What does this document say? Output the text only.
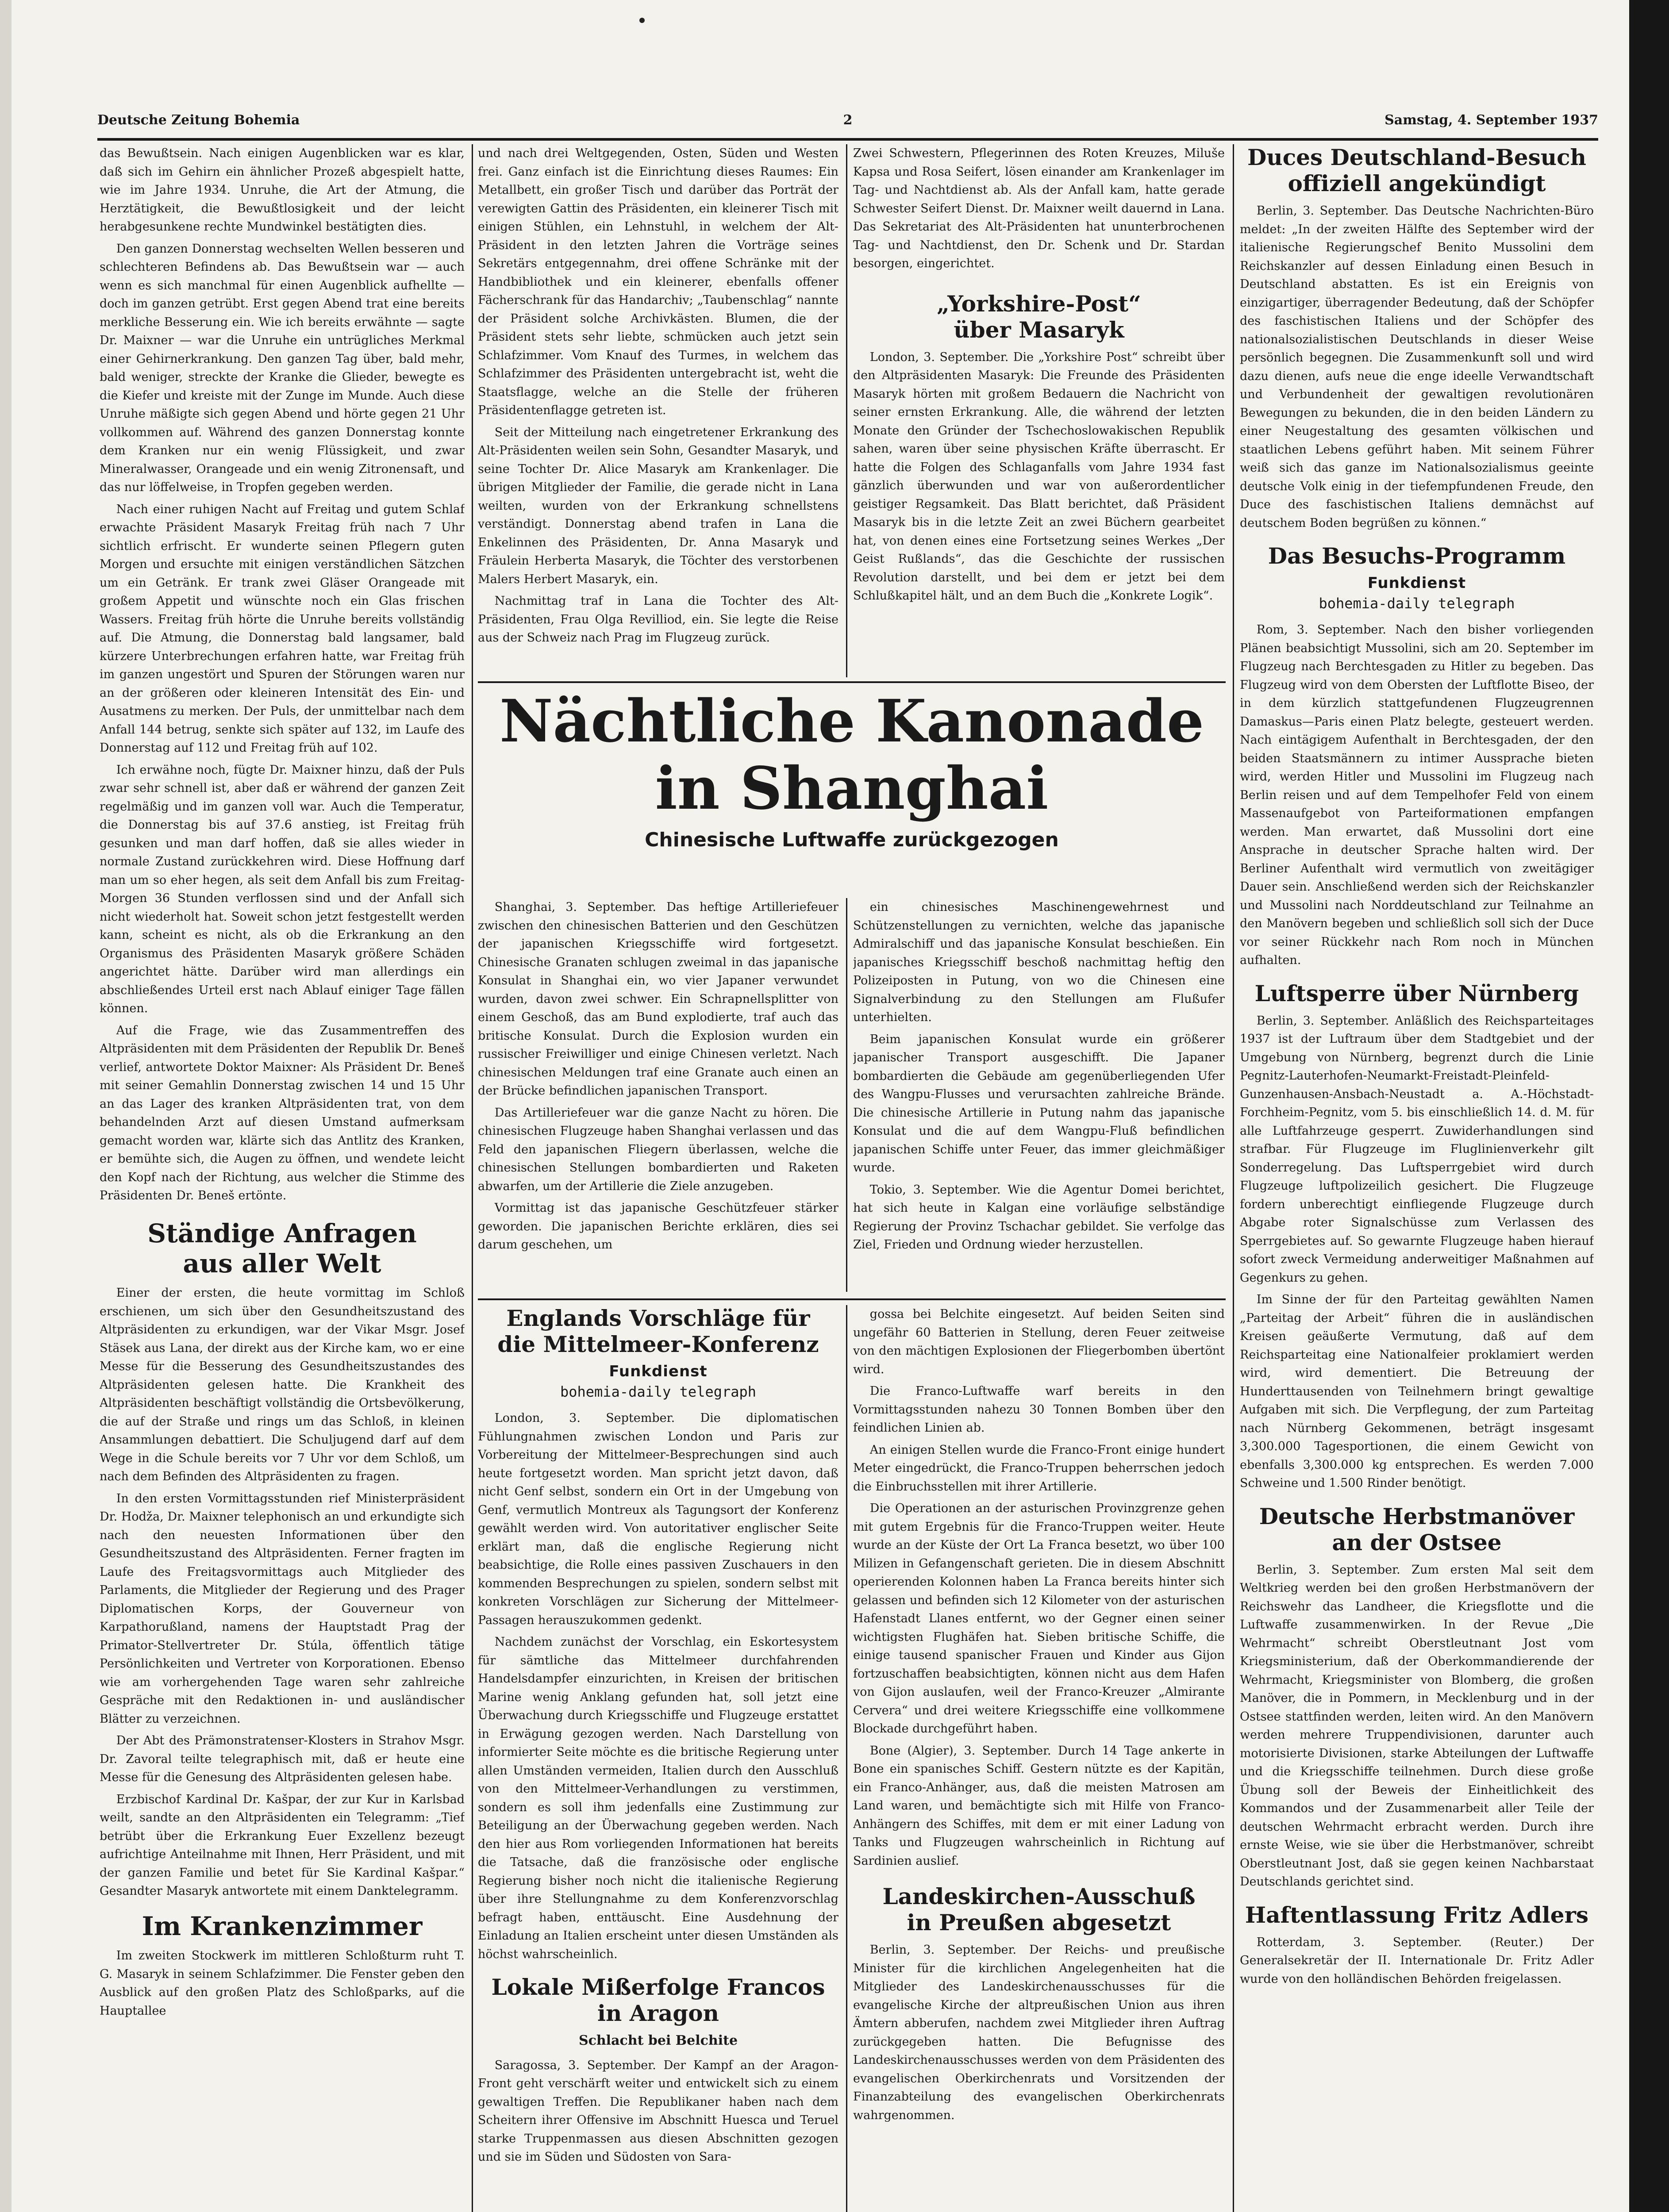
Deutsche Zeitung Bohemia	2	Samstag, 4. September 1937

das Bewußtsein. Nach einigen Augenblicken war es klar, daß sich im Gehirn ein ähnlicher Prozeß abgespielt hatte, wie im Jahre 1934. Unruhe, die Art der Atmung, die Herztätigkeit, die Bewußtlosigkeit und der leicht herabgesunkene rechte Mundwinkel bestätigten dies.

Den ganzen Donnerstag wechselten Wellen besseren und schlechteren Befindens ab. Das Bewußtsein war — auch wenn es sich manchmal für einen Augenblick aufhellte — doch im ganzen getrübt. Erst gegen Abend trat eine bereits merkliche Besserung ein. Wie ich bereits erwähnte — sagte Dr. Maixner — war die Unruhe ein untrügliches Merkmal einer Gehirnerkrankung. Den ganzen Tag über, bald mehr, bald weniger, streckte der Kranke die Glieder, bewegte es die Kiefer und kreiste mit der Zunge im Munde. Auch diese Unruhe mäßigte sich gegen Abend und hörte gegen 21 Uhr vollkommen auf. Während des ganzen Donnerstag konnte dem Kranken nur ein wenig Flüssigkeit, und zwar Mineralwasser, Orangeade und ein wenig Zitronensaft, und das nur löffelweise, in Tropfen gegeben werden.

Nach einer ruhigen Nacht auf Freitag und gutem Schlaf erwachte Präsident Masaryk Freitag früh nach 7 Uhr sichtlich erfrischt. Er wunderte seinen Pflegern guten Morgen und ersuchte mit einigen verständlichen Sätzchen um ein Getränk. Er trank zwei Gläser Orangeade mit großem Appetit und wünschte noch ein Glas frischen Wassers. Freitag früh hörte die Unruhe bereits vollständig auf. Die Atmung, die Donnerstag bald langsamer, bald kürzere Unterbrechungen erfahren hatte, war Freitag früh im ganzen ungestört und Spuren der Störungen waren nur an der größeren oder kleineren Intensität des Ein- und Ausatmens zu merken. Der Puls, der unmittelbar nach dem Anfall 144 betrug, senkte sich später auf 132, im Laufe des Donnerstag auf 112 und Freitag früh auf 102.

Ich erwähne noch, fügte Dr. Maixner hinzu, daß der Puls zwar sehr schnell ist, aber daß er während der ganzen Zeit regelmäßig und im ganzen voll war. Auch die Temperatur, die Donnerstag bis auf 37.6 anstieg, ist Freitag früh gesunken und man darf hoffen, daß sie alles wieder in normale Zustand zurückkehren wird. Diese Hoffnung darf man um so eher hegen, als seit dem Anfall bis zum Freitag-Morgen 36 Stunden verflossen sind und der Anfall sich nicht wiederholt hat. Soweit schon jetzt festgestellt werden kann, scheint es nicht, als ob die Erkrankung an den Organismus des Präsidenten Masaryk größere Schäden angerichtet hätte. Darüber wird man allerdings ein abschließendes Urteil erst nach Ablauf einiger Tage fällen können.

Auf die Frage, wie das Zusammentreffen des Altpräsidenten mit dem Präsidenten der Republik Dr. Beneš verlief, antwortete Doktor Maixner: Als Präsident Dr. Beneš mit seiner Gemahlin Donnerstag zwischen 14 und 15 Uhr an das Lager des kranken Altpräsidenten trat, von dem behandelnden Arzt auf diesen Umstand aufmerksam gemacht worden war, klärte sich das Antlitz des Kranken, er bemühte sich, die Augen zu öffnen, und wendete leicht den Kopf nach der Richtung, aus welcher die Stimme des Präsidenten Dr. Beneš ertönte.

Ständige Anfragen
aus aller Welt

Einer der ersten, die heute vormittag im Schloß erschienen, um sich über den Gesundheitszustand des Altpräsidenten zu erkundigen, war der Vikar Msgr. Josef Stäsek aus Lana, der direkt aus der Kirche kam, wo er eine Messe für die Besserung des Gesundheitszustandes des Altpräsidenten gelesen hatte. Die Krankheit des Altpräsidenten beschäftigt vollständig die Ortsbevölkerung, die auf der Straße und rings um das Schloß, in kleinen Ansammlungen debattiert. Die Schuljugend darf auf dem Wege in die Schule bereits vor 7 Uhr vor dem Schloß, um nach dem Befinden des Altpräsidenten zu fragen.

In den ersten Vormittagsstunden rief Ministerpräsident Dr. Hodža, Dr. Maixner telephonisch an und erkundigte sich nach den neuesten Informationen über den Gesundheitszustand des Altpräsidenten. Ferner fragten im Laufe des Freitagsvormittags auch Mitglieder des Parlaments, die Mitglieder der Regierung und des Prager Diplomatischen Korps, der Gouverneur von Karpathorußland, namens der Hauptstadt Prag der Primator-Stellvertreter Dr. Stúla, öffentlich tätige Persönlichkeiten und Vertreter von Korporationen. Ebenso wie am vorhergehenden Tage waren sehr zahlreiche Gespräche mit den Redaktionen in- und ausländischer Blätter zu verzeichnen.

Der Abt des Prämonstratenser-Klosters in Strahov Msgr. Dr. Zavoral teilte telegraphisch mit, daß er heute eine Messe für die Genesung des Altpräsidenten gelesen habe.

Erzbischof Kardinal Dr. Kašpar, der zur Kur in Karlsbad weilt, sandte an den Altpräsidenten ein Telegramm: „Tief betrübt über die Erkrankung Euer Exzellenz bezeugt aufrichtige Anteilnahme mit Ihnen, Herr Präsident, und mit der ganzen Familie und betet für Sie Kardinal Kašpar.“ Gesandter Masaryk antwortete mit einem Danktelegramm.

Im Krankenzimmer

Im zweiten Stockwerk im mittleren Schloßturm ruht T. G. Masaryk in seinem Schlafzimmer. Die Fenster geben den Ausblick auf den großen Platz des Schloßparks, auf die Hauptallee

und nach drei Weltgegenden, Osten, Süden und Westen frei. Ganz einfach ist die Einrichtung dieses Raumes: Ein Metallbett, ein großer Tisch und darüber das Porträt der verewigten Gattin des Präsidenten, ein kleinerer Tisch mit einigen Stühlen, ein Lehnstuhl, in welchem der Alt-Präsident in den letzten Jahren die Vorträge seines Sekretärs entgegennahm, drei offene Schränke mit der Handbibliothek und ein kleinerer, ebenfalls offener Fächerschrank für das Handarchiv; „Taubenschlag“ nannte der Präsident solche Archivkästen. Blumen, die der Präsident stets sehr liebte, schmücken auch jetzt sein Schlafzimmer. Vom Knauf des Turmes, in welchem das Schlafzimmer des Präsidenten untergebracht ist, weht die Staatsflagge, welche an die Stelle der früheren Präsidentenflagge getreten ist.

Seit der Mitteilung nach eingetretener Erkrankung des Alt-Präsidenten weilen sein Sohn, Gesandter Masaryk, und seine Tochter Dr. Alice Masaryk am Krankenlager. Die übrigen Mitglieder der Familie, die gerade nicht in Lana weilten, wurden von der Erkrankung schnellstens verständigt. Donnerstag abend trafen in Lana die Enkelinnen des Präsidenten, Dr. Anna Masaryk und Fräulein Herberta Masaryk, die Töchter des verstorbenen Malers Herbert Masaryk, ein.

Nachmittag traf in Lana die Tochter des Alt-Präsidenten, Frau Olga Revilliod, ein. Sie legte die Reise aus der Schweiz nach Prag im Flugzeug zurück.

Zwei Schwestern, Pflegerinnen des Roten Kreuzes, Miluše Kapsa und Rosa Seifert, lösen einander am Krankenlager im Tag- und Nachtdienst ab. Als der Anfall kam, hatte gerade Schwester Seifert Dienst. Dr. Maixner weilt dauernd in Lana. Das Sekretariat des Alt-Präsidenten hat ununterbrochenen Tag- und Nachtdienst, den Dr. Schenk und Dr. Stardan besorgen, eingerichtet.

„Yorkshire-Post“
über Masaryk

London, 3. September. Die „Yorkshire Post“ schreibt über den Altpräsidenten Masaryk: Die Freunde des Präsidenten Masaryk hörten mit großem Bedauern die Nachricht von seiner ernsten Erkrankung. Alle, die während der letzten Monate den Gründer der Tschechoslowakischen Republik sahen, waren über seine physischen Kräfte überrascht. Er hatte die Folgen des Schlaganfalls vom Jahre 1934 fast gänzlich überwunden und war von außerordentlicher geistiger Regsamkeit. Das Blatt berichtet, daß Präsident Masaryk bis in die letzte Zeit an zwei Büchern gearbeitet hat, von denen eines eine Fortsetzung seines Werkes „Der Geist Rußlands“, das die Geschichte der russischen Revolution darstellt, und bei dem er jetzt bei dem Schlußkapitel hält, und an dem Buch die „Konkrete Logik“.

Nächtliche Kanonade

in Shanghai

Chinesische Luftwaffe zurückgezogen

Shanghai, 3. September. Das heftige Artilleriefeuer zwischen den chinesischen Batterien und den Geschützen der japanischen Kriegsschiffe wird fortgesetzt. Chinesische Granaten schlugen zweimal in das japanische Konsulat in Shanghai ein, wo vier Japaner verwundet wurden, davon zwei schwer. Ein Schrapnellsplitter von einem Geschoß, das am Bund explodierte, traf auch das britische Konsulat. Durch die Explosion wurden ein russischer Freiwilliger und einige Chinesen verletzt. Nach chinesischen Meldungen traf eine Granate auch einen an der Brücke befindlichen japanischen Transport.

Das Artilleriefeuer war die ganze Nacht zu hören. Die chinesischen Flugzeuge haben Shanghai verlassen und das Feld den japanischen Fliegern überlassen, welche die chinesischen Stellungen bombardierten und Raketen abwarfen, um der Artillerie die Ziele anzugeben.

Vormittag ist das japanische Geschützfeuer stärker geworden. Die japanischen Berichte erklären, dies sei darum geschehen, um

ein chinesisches Maschinengewehrnest und Schützenstellungen zu vernichten, welche das japanische Admiralschiff und das japanische Konsulat beschießen. Ein japanisches Kriegsschiff beschoß nachmittag heftig den Polizeiposten in Putung, von wo die Chinesen eine Signalverbindung zu den Stellungen am Flußufer unterhielten.

Beim japanischen Konsulat wurde ein größerer japanischer Transport ausgeschifft. Die Japaner bombardierten die Gebäude am gegenüberliegenden Ufer des Wangpu-Flusses und verursachten zahlreiche Brände. Die chinesische Artillerie in Putung nahm das japanische Konsulat und die auf dem Wangpu-Fluß befindlichen japanischen Schiffe unter Feuer, das immer gleichmäßiger wurde.

Tokio, 3. September. Wie die Agentur Domei berichtet, hat sich heute in Kalgan eine vorläufige selbständige Regierung der Provinz Tschachar gebildet. Sie verfolge das Ziel, Frieden und Ordnung wieder herzustellen.

Englands Vorschläge für
die Mittelmeer-Konferenz
Funkdienst
bohemia-daily telegraph

London, 3. September. Die diplomatischen Fühlungnahmen zwischen London und Paris zur Vorbereitung der Mittelmeer-Besprechungen sind auch heute fortgesetzt worden. Man spricht jetzt davon, daß nicht Genf selbst, sondern ein Ort in der Umgebung von Genf, vermutlich Montreux als Tagungsort der Konferenz gewählt werden wird. Von autoritativer englischer Seite erklärt man, daß die englische Regierung nicht beabsichtige, die Rolle eines passiven Zuschauers in den kommenden Besprechungen zu spielen, sondern selbst mit konkreten Vorschlägen zur Sicherung der Mittelmeer-Passagen herauszukommen gedenkt.

Nachdem zunächst der Vorschlag, ein Eskortesystem für sämtliche das Mittelmeer durchfahrenden Handelsdampfer einzurichten, in Kreisen der britischen Marine wenig Anklang gefunden hat, soll jetzt eine Überwachung durch Kriegsschiffe und Flugzeuge erstattet in Erwägung gezogen werden. Nach Darstellung von informierter Seite möchte es die britische Regierung unter allen Umständen vermeiden, Italien durch den Ausschluß von den Mittelmeer-Verhandlungen zu verstimmen, sondern es soll ihm jedenfalls eine Zustimmung zur Beteiligung an der Überwachung gegeben werden. Nach den hier aus Rom vorliegenden Informationen hat bereits die Tatsache, daß die französische oder englische Regierung bisher noch nicht die italienische Regierung über ihre Stellungnahme zu dem Konferenzvorschlag befragt haben, enttäuscht. Eine Ausdehnung der Einladung an Italien erscheint unter diesen Umständen als höchst wahrscheinlich.

Lokale Mißerfolge Francos
in Aragon
Schlacht bei Belchite

Saragossa, 3. September. Der Kampf an der Aragon-Front geht verschärft weiter und entwickelt sich zu einem gewaltigen Treffen. Die Republikaner haben nach dem Scheitern ihrer Offensive im Abschnitt Huesca und Teruel starke Truppenmassen aus diesen Abschnitten gezogen und sie im Süden und Südosten von Sara-

gossa bei Belchite eingesetzt. Auf beiden Seiten sind ungefähr 60 Batterien in Stellung, deren Feuer zeitweise von den mächtigen Explosionen der Fliegerbomben übertönt wird.

Die Franco-Luftwaffe warf bereits in den Vormittagsstunden nahezu 30 Tonnen Bomben über den feindlichen Linien ab.

An einigen Stellen wurde die Franco-Front einige hundert Meter eingedrückt, die Franco-Truppen beherrschen jedoch die Einbruchsstellen mit ihrer Artillerie.

Die Operationen an der asturischen Provinzgrenze gehen mit gutem Ergebnis für die Franco-Truppen weiter. Heute wurde an der Küste der Ort La Franca besetzt, wo über 100 Milizen in Gefangenschaft gerieten. Die in diesem Abschnitt operierenden Kolonnen haben La Franca bereits hinter sich gelassen und befinden sich 12 Kilometer von der asturischen Hafenstadt Llanes entfernt, wo der Gegner einen seiner wichtigsten Flughäfen hat. Sieben britische Schiffe, die einige tausend spanischer Frauen und Kinder aus Gijon fortzuschaffen beabsichtigten, können nicht aus dem Hafen von Gijon auslaufen, weil der Franco-Kreuzer „Almirante Cervera“ und drei weitere Kriegsschiffe eine vollkommene Blockade durchgeführt haben.

Bone (Algier), 3. September. Durch 14 Tage ankerte in Bone ein spanisches Schiff. Gestern nützte es der Kapitän, ein Franco-Anhänger, aus, daß die meisten Matrosen am Land waren, und bemächtigte sich mit Hilfe von Franco-Anhängern des Schiffes, mit dem er mit einer Ladung von Tanks und Flugzeugen wahrscheinlich in Richtung auf Sardinien auslief.

Landeskirchen-Ausschuß
in Preußen abgesetzt

Berlin, 3. September. Der Reichs- und preußische Minister für die kirchlichen Angelegenheiten hat die Mitglieder des Landeskirchenausschusses für die evangelische Kirche der altpreußischen Union aus ihren Ämtern abberufen, nachdem zwei Mitglieder ihren Auftrag zurückgegeben hatten. Die Befugnisse des Landeskirchenausschusses werden von dem Präsidenten des evangelischen Oberkirchenrats und Vorsitzenden der Finanzabteilung des evangelischen Oberkirchenrats wahrgenommen.

Duces Deutschland-Besuch
offiziell angekündigt

Berlin, 3. September. Das Deutsche Nachrichten-Büro meldet: „In der zweiten Hälfte des September wird der italienische Regierungschef Benito Mussolini dem Reichskanzler auf dessen Einladung einen Besuch in Deutschland abstatten. Es ist ein Ereignis von einzigartiger, überragender Bedeutung, daß der Schöpfer des faschistischen Italiens und der Schöpfer des nationalsozialistischen Deutschlands in dieser Weise persönlich begegnen. Die Zusammenkunft soll und wird dazu dienen, aufs neue die enge ideelle Verwandtschaft und Verbundenheit der gewaltigen revolutionären Bewegungen zu bekunden, die in den beiden Ländern zu einer Neugestaltung des gesamten völkischen und staatlichen Lebens geführt haben. Mit seinem Führer weiß sich das ganze im Nationalsozialismus geeinte deutsche Volk einig in der tiefempfundenen Freude, den Duce des faschistischen Italiens demnächst auf deutschem Boden begrüßen zu können.“

Das Besuchs-Programm
Funkdienst
bohemia-daily telegraph

Rom, 3. September. Nach den bisher vorliegenden Plänen beabsichtigt Mussolini, sich am 20. September im Flugzeug nach Berchtesgaden zu Hitler zu begeben. Das Flugzeug wird von dem Obersten der Luftflotte Biseo, der in dem kürzlich stattgefundenen Flugzeugrennen Damaskus—Paris einen Platz belegte, gesteuert werden. Nach eintägigem Aufenthalt in Berchtesgaden, der den beiden Staatsmännern zu intimer Aussprache bieten wird, werden Hitler und Mussolini im Flugzeug nach Berlin reisen und auf dem Tempelhofer Feld von einem Massenaufgebot von Parteiformationen empfangen werden. Man erwartet, daß Mussolini dort eine Ansprache in deutscher Sprache halten wird. Der Berliner Aufenthalt wird vermutlich von zweitägiger Dauer sein. Anschließend werden sich der Reichskanzler und Mussolini nach Norddeutschland zur Teilnahme an den Manövern begeben und schließlich soll sich der Duce vor seiner Rückkehr nach Rom noch in München aufhalten.

Luftsperre über Nürnberg

Berlin, 3. September. Anläßlich des Reichsparteitages 1937 ist der Luftraum über dem Stadtgebiet und der Umgebung von Nürnberg, begrenzt durch die Linie Pegnitz-Lauterhofen-Neumarkt-Freistadt-Pleinfeld-Gunzenhausen-Ansbach-Neustadt a. A.-Höchstadt-Forchheim-Pegnitz, vom 5. bis einschließlich 14. d. M. für alle Luftfahrzeuge gesperrt. Zuwiderhandlungen sind strafbar. Für Flugzeuge im Fluglinienverkehr gilt Sonderregelung. Das Luftsperrgebiet wird durch Flugzeuge luftpolizeilich gesichert. Die Flugzeuge fordern unberechtigt einfliegende Flugzeuge durch Abgabe roter Signalschüsse zum Verlassen des Sperrgebietes auf. So gewarnte Flugzeuge haben hierauf sofort zweck Vermeidung anderweitiger Maßnahmen auf Gegenkurs zu gehen.

Im Sinne der für den Parteitag gewählten Namen „Parteitag der Arbeit“ führen die in ausländischen Kreisen geäußerte Vermutung, daß auf dem Reichsparteitag eine Nationalfeier proklamiert werden wird, wird dementiert. Die Betreuung der Hunderttausenden von Teilnehmern bringt gewaltige Aufgaben mit sich. Die Verpflegung, der zum Parteitag nach Nürnberg Gekommenen, beträgt insgesamt 3,300.000 Tagesportionen, die einem Gewicht von ebenfalls 3,300.000 kg entsprechen. Es werden 7.000 Schweine und 1.500 Rinder benötigt.

Deutsche Herbstmanöver
an der Ostsee

Berlin, 3. September. Zum ersten Mal seit dem Weltkrieg werden bei den großen Herbstmanövern der Reichswehr das Landheer, die Kriegsflotte und die Luftwaffe zusammenwirken. In der Revue „Die Wehrmacht“ schreibt Oberstleutnant Jost vom Kriegsministerium, daß der Oberkommandierende der Wehrmacht, Kriegsminister von Blomberg, die großen Manöver, die in Pommern, in Mecklenburg und in der Ostsee stattfinden werden, leiten wird. An den Manövern werden mehrere Truppendivisionen, darunter auch motorisierte Divisionen, starke Abteilungen der Luftwaffe und die Kriegsschiffe teilnehmen. Durch diese große Übung soll der Beweis der Einheitlichkeit des Kommandos und der Zusammenarbeit aller Teile der deutschen Wehrmacht erbracht werden. Durch ihre ernste Weise, wie sie über die Herbstmanöver, schreibt Oberstleutnant Jost, daß sie gegen keinen Nachbarstaat Deutschlands gerichtet sind.

Haftentlassung Fritz Adlers

Rotterdam, 3. September. (Reuter.) Der Generalsekretär der II. Internationale Dr. Fritz Adler wurde von den holländischen Behörden freigelassen.
